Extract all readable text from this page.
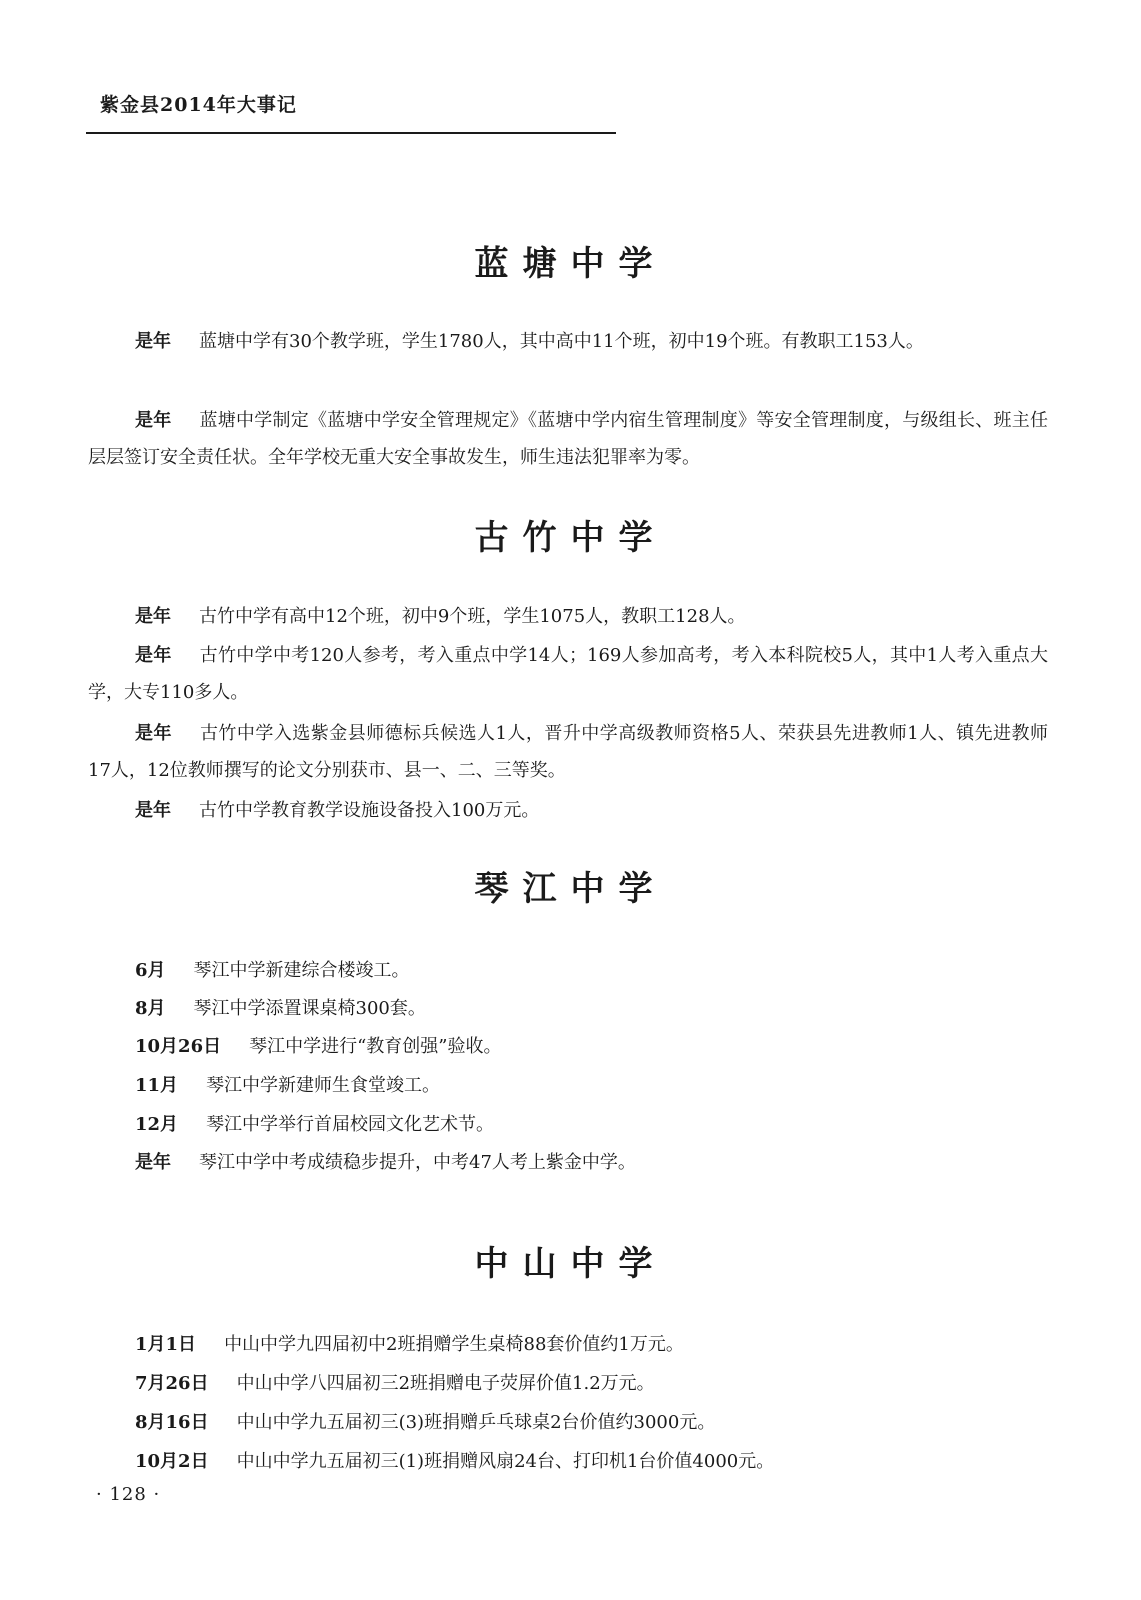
紫金县2014年大事记
蓝塘中学
是年 蓝塘中学有30个教学班，学生1780人，其中高中11个班，初中19个班。有教职工153人。
是年 蓝塘中学制定《蓝塘中学安全管理规定》《蓝塘中学内宿生管理制度》等安全管理制度，与级组长、班主任层层签订安全责任状。全年学校无重大安全事故发生，师生违法犯罪率为零。
古竹中学
是年 古竹中学有高中12个班，初中9个班，学生1075人，教职工128人。
是年 古竹中学中考120人参考，考入重点中学14人；169人参加高考，考入本科院校5人，其中1人考入重点大学，大专110多人。
是年 古竹中学入选紫金县师德标兵候选人1人，晋升中学高级教师资格5人、荣获县先进教师1人、镇先进教师17人，12位教师撰写的论文分别获市、县一、二、三等奖。
是年 古竹中学教育教学设施设备投入100万元。
琴江中学
6月 琴江中学新建综合楼竣工。
8月 琴江中学添置课桌椅300套。
10月26日 琴江中学进行“教育创强”验收。
11月 琴江中学新建师生食堂竣工。
12月 琴江中学举行首届校园文化艺术节。
是年 琴江中学中考成绩稳步提升，中考47人考上紫金中学。
中山中学
1月1日 中山中学九四届初中2班捐赠学生桌椅88套价值约1万元。
7月26日 中山中学八四届初三2班捐赠电子荧屏价值1.2万元。
8月16日 中山中学九五届初三(3)班捐赠乒乓球桌2台价值约3000元。
10月2日 中山中学九五届初三(1)班捐赠风扇24台、打印机1台价值4000元。
· 128 ·
